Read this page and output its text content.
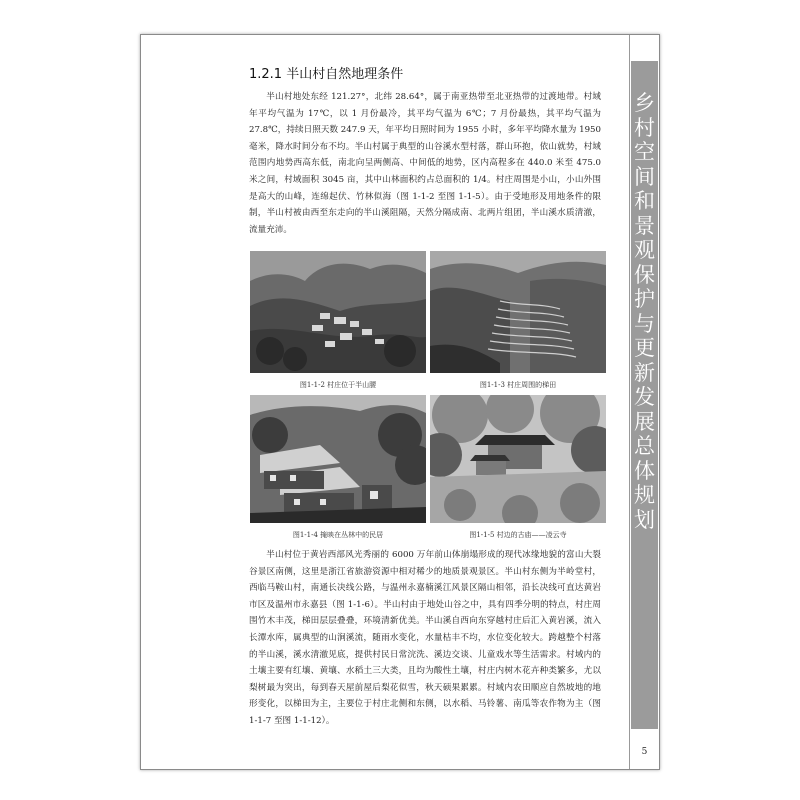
1.2.1 半山村自然地理条件

半山村地处东经 121.27°，北纬 28.64°，属于南亚热带至北亚热带的过渡地带。村域年平均气温为 17℃，以 1 月份最冷，其平均气温为 6℃；7 月份最热，其平均气温为 27.8℃，持续日照天数 247.9 天，年平均日照时间为 1955 小时，多年平均降水量为 1950 毫米，降水时间分布不均。半山村属于典型的山谷溪水型村落，群山环抱，依山就势，村域范围内地势西高东低，南北向呈两侧高、中间低的地势，区内高程多在 440.0 米至 475.0 米之间，村域面积 3045 亩，其中山林面积约占总面积的 1/4。村庄周围是小山，小山外围是高大的山峰，连绵起伏、竹林似海（图 1-1-2 至图 1-1-5）。由于受地形及用地条件的限制，半山村被由西至东走向的半山溪阻隔，天然分隔成南、北两片组团，半山溪水质清澈，流量充沛。

图1-1-2 村庄位于半山腰	图1-1-3 村庄周围的梯田
图1-1-4 掩映在丛林中的民居	图1-1-5 村边的古庙——凌云寺

半山村位于黄岩西部风光秀丽的 6000 万年前山体崩塌形成的现代冰缘地貌的富山大裂谷景区南侧，这里是浙江省旅游资源中相对稀少的地质景观景区。半山村东侧为半岭堂村，西临马鞍山村，南通长决线公路，与温州永嘉楠溪江风景区隔山相邻，沿长决线可直达黄岩市区及温州市永嘉县（图 1-1-6）。半山村由于地处山谷之中，具有四季分明的特点，村庄周围竹木丰茂，梯田层层叠叠，环境清新优美。半山溪自西向东穿越村庄后汇入黄岩溪，流入长潭水库，属典型的山涧溪流，随雨水变化，水量枯丰不均，水位变化较大。跨越整个村落的半山溪，溪水清澈见底，提供村民日常浣洗、溪边交谈、儿童戏水等生活需求。村域内的土壤主要有红壤、黄壤、水稻土三大类，且均为酸性土壤，村庄内树木花卉种类繁多，尤以梨树最为突出，每到春天屋前屋后梨花似雪，秋天硕果累累。村域内农田顺应自然坡地的地形变化，以梯田为主，主要位于村庄北侧和东侧，以水稻、马铃薯、南瓜等农作物为主（图 1-1-7 至图 1-1-12）。

乡村空间和景观保护与更新发展总体规划
5
